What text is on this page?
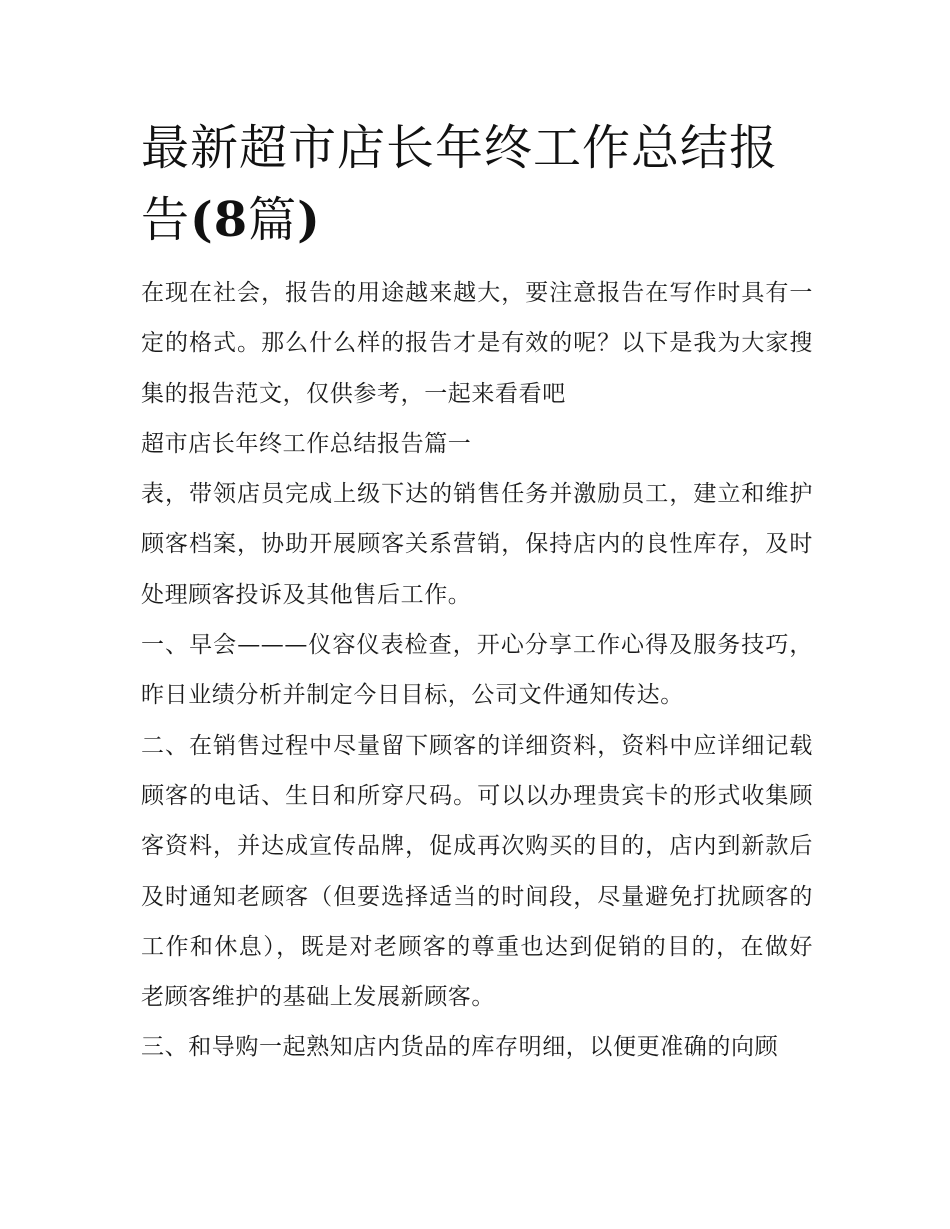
最新超市店长年终工作总结报告(8篇)

在现在社会，报告的用途越来越大，要注意报告在写作时具有一定的格式。那么什么样的报告才是有效的呢？以下是我为大家搜集的报告范文，仅供参考，一起来看看吧

超市店长年终工作总结报告篇一

表，带领店员完成上级下达的销售任务并激励员工，建立和维护顾客档案，协助开展顾客关系营销，保持店内的良性库存，及时处理顾客投诉及其他售后工作。

一、早会———仪容仪表检查，开心分享工作心得及服务技巧，昨日业绩分析并制定今日目标，公司文件通知传达。

二、在销售过程中尽量留下顾客的详细资料，资料中应详细记载顾客的电话、生日和所穿尺码。可以以办理贵宾卡的形式收集顾客资料，并达成宣传品牌，促成再次购买的目的，店内到新款后及时通知老顾客（但要选择适当的时间段，尽量避免打扰顾客的工作和休息），既是对老顾客的尊重也达到促销的目的，在做好老顾客维护的基础上发展新顾客。

三、和导购一起熟知店内货品的库存明细，以便更准确的向顾
